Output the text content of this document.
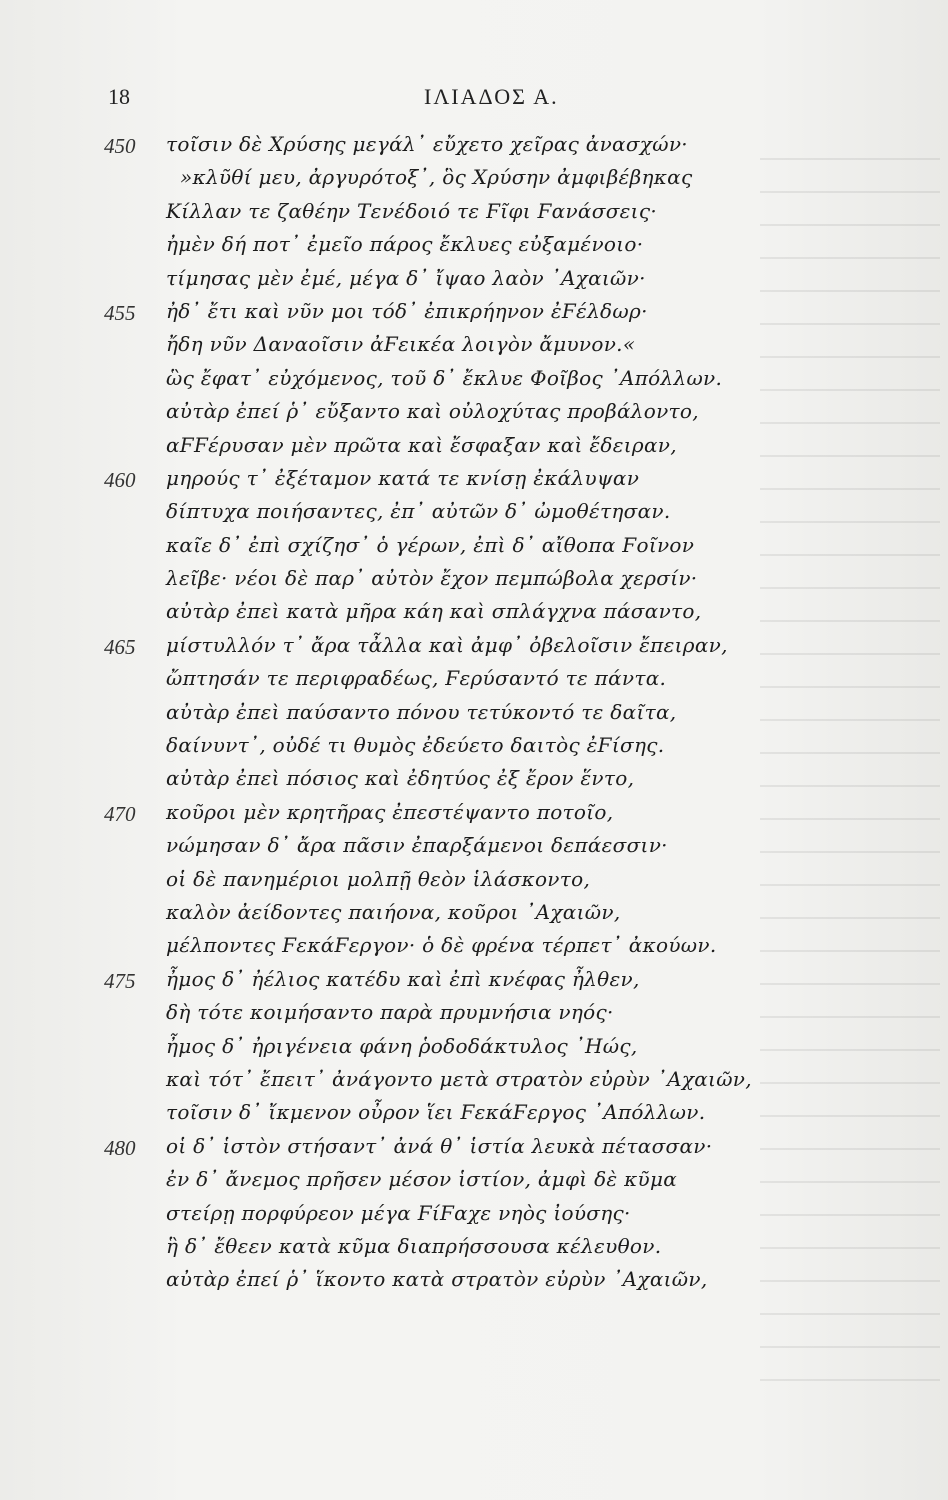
18	ΙΛΙΑΔΟΣ Α.
450	τοῖσιν δὲ Χρύσης μεγάλ᾽ εὔχετο χεῖρας ἀνασχών·
»κλῦθί μευ, ἀργυρότοξ᾽, ὃς Χρύσην ἀμφιβέβηκας
Κίλλαν τε ζαθέην Τενέδοιό τε Ϝῖφι Ϝανάσσεις·
ἠμὲν δή ποτ᾽ ἐμεῖο πάρος ἔκλυες εὐξαμένοιο·
τίμησας μὲν ἐμέ, μέγα δ᾽ ἴψαο λαὸν ᾿Αχαιῶν·
455	ἠδ᾽ ἔτι καὶ νῦν μοι τόδ᾽ ἐπικρήηνον ἐϜέλδωρ·
ἤδη νῦν Δαναοῖσιν ἀϜεικέα λοιγὸν ἄμυνον.«
ὣς ἔφατ᾽ εὐχόμενος, τοῦ δ᾽ ἔκλυε Φοῖβος ᾿Απόλλων.
αὐτὰρ ἐπεί ῥ᾽ εὔξαντο καὶ οὐλοχύτας προβάλοντο,
αϜϜέρυσαν μὲν πρῶτα καὶ ἔσφαξαν καὶ ἔδειραν,
460	μηρούς τ᾽ ἐξέταμον κατά τε κνίσῃ ἐκάλυψαν
δίπτυχα ποιήσαντες, ἐπ᾽ αὐτῶν δ᾽ ὠμοθέτησαν.
καῖε δ᾽ ἐπὶ σχίζησ᾽ ὁ γέρων, ἐπὶ δ᾽ αἴθοπα Ϝοῖνον
λεῖβε· νέοι δὲ παρ᾽ αὐτὸν ἔχον πεμπώβολα χερσίν·
αὐτὰρ ἐπεὶ κατὰ μῆρα κάη καὶ σπλάγχνα πάσαντο,
465	μίστυλλόν τ᾽ ἄρα τἆλλα καὶ ἀμφ᾽ ὀβελοῖσιν ἔπειραν,
ὤπτησάν τε περιφραδέως, Ϝερύσαντό τε πάντα.
αὐτὰρ ἐπεὶ παύσαντο πόνου τετύκοντό τε δαῖτα,
δαίνυντ᾽, οὐδέ τι θυμὸς ἐδεύετο δαιτὸς ἐϜίσης.
αὐτὰρ ἐπεὶ πόσιος καὶ ἐδητύος ἐξ ἔρον ἕντο,
470	κοῦροι μὲν κρητῆρας ἐπεστέψαντο ποτοῖο,
νώμησαν δ᾽ ἄρα πᾶσιν ἐπαρξάμενοι δεπάεσσιν·
οἱ δὲ πανημέριοι μολπῇ θεὸν ἱλάσκοντο,
καλὸν ἀείδοντες παιήονα, κοῦροι ᾿Αχαιῶν,
μέλποντες ϜεκάϜεργον· ὁ δὲ φρένα τέρπετ᾽ ἀκούων.
475	ἦμος δ᾽ ἠέλιος κατέδυ καὶ ἐπὶ κνέφας ἦλθεν,
δὴ τότε κοιμήσαντο παρὰ πρυμνήσια νηός·
ἦμος δ᾽ ἠριγένεια φάνη ῥοδοδάκτυλος ᾿Ηώς,
καὶ τότ᾽ ἔπειτ᾽ ἀνάγοντο μετὰ στρατὸν εὐρὺν ᾿Αχαιῶν,
τοῖσιν δ᾽ ἴκμενον οὖρον ἵει ϜεκάϜεργος ᾿Απόλλων.
480	οἱ δ᾽ ἱστὸν στήσαντ᾽ ἀνά θ᾽ ἱστία λευκὰ πέτασσαν·
ἐν δ᾽ ἄνεμος πρῆσεν μέσον ἱστίον, ἀμφὶ δὲ κῦμα
στείρῃ πορφύρεον μέγα ϜίϜαχε νηὸς ἰούσης·
ἣ δ᾽ ἔθεεν κατὰ κῦμα διαπρήσσουσα κέλευθον.
αὐτὰρ ἐπεί ῥ᾽ ἵκοντο κατὰ στρατὸν εὐρὺν ᾿Αχαιῶν,
